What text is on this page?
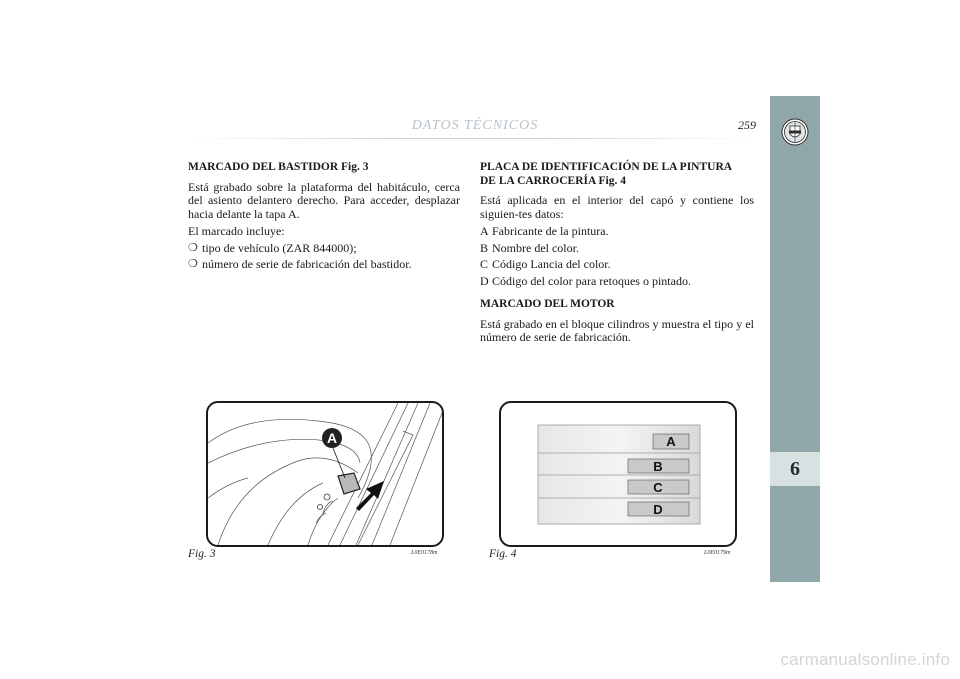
DATOS TÉCNICOS	259
6
MARCADO DEL BASTIDOR Fig. 3
Está grabado sobre la plataforma del habitáculo, cerca del asiento delantero derecho. Para acceder, desplazar hacia delante la tapa A.
El marcado incluye:
❍ tipo de vehículo (ZAR 844000);
❍ número de serie de fabricación del bastidor.
PLACA DE IDENTIFICACIÓN DE LA PINTURA
DE LA CARROCERÍA Fig. 4
Está aplicada en el interior del capó y contiene los siguien-tes datos:
A Fabricante de la pintura.
B Nombre del color.
C Código Lancia del color.
D Código del color para retoques o pintado.
MARCADO DEL MOTOR
Está grabado en el bloque cilindros y muestra el tipo y el número de serie de fabricación.
A
Fig. 3	L0E0178m
A
B
C
D
Fig. 4	L0E0179m
carmanualsonline.info
